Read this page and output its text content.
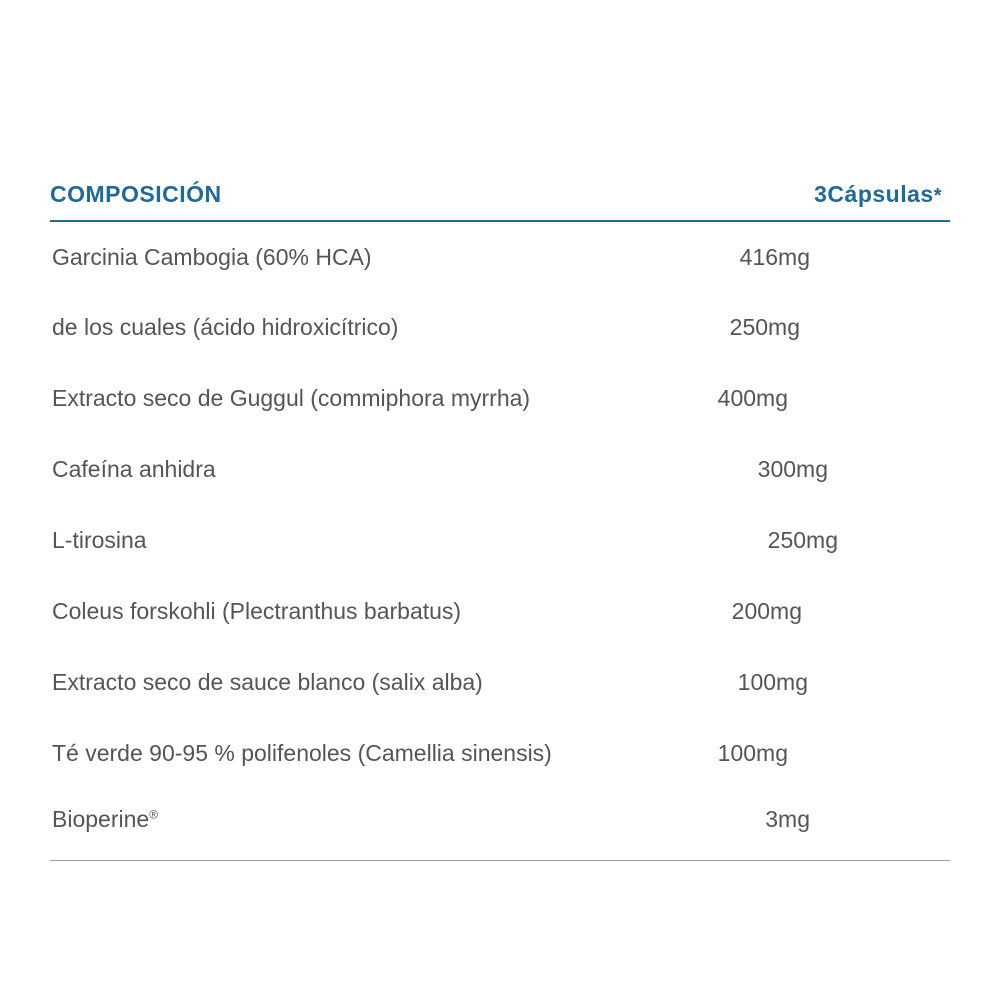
COMPOSICIÓN	3Cápsulas*
Garcinia Cambogia (60% HCA)	416mg
de los cuales (ácido hidroxicítrico)	250mg
Extracto seco de Guggul (commiphora myrrha)	400mg
Cafeína anhidra	300mg
L-tirosina	250mg
Coleus forskohli (Plectranthus barbatus)	200mg
Extracto seco de sauce blanco (salix alba)	100mg
Té verde 90-95 % polifenoles (Camellia sinensis)	100mg
Bioperine®	3mg
